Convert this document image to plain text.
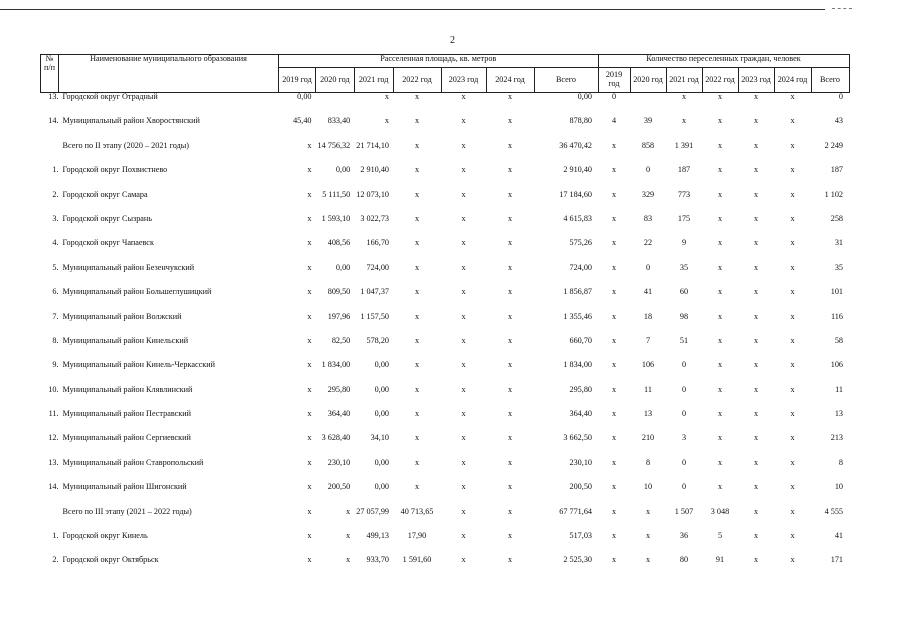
2
№ п/п	Наименование муниципального образования	Расселенная площадь, кв. метров							Количество переселенных граждан, человек						
		2019 год	2020 год	2021 год	2022 год	2023 год	2024 год	Всего	2019 год	2020 год	2021 год	2022 год	2023 год	2024 год	Всего
13.	Городской округ Отрадный	0,00		x	x	x	x	0,00	0		x	x	x	x	0
14.	Муниципальный район Хворостянский	45,40	833,40	x	x	x	x	878,80	4	39	x	x	x	x	43
	Всего по II этапу (2020 – 2021 годы)	x	14 756,32	21 714,10	x	x	x	36 470,42	x	858	1 391	x	x	x	2 249
1.	Городской округ Похвистнево	x	0,00	2 910,40	x	x	x	2 910,40	x	0	187	x	x	x	187
2.	Городской округ Самара	x	5 111,50	12 073,10	x	x	x	17 184,60	x	329	773	x	x	x	1 102
3.	Городской округ Сызрань	x	1 593,10	3 022,73	x	x	x	4 615,83	x	83	175	x	x	x	258
4.	Городской округ Чапаевск	x	408,56	166,70	x	x	x	575,26	x	22	9	x	x	x	31
5.	Муниципальный район Безенчукский	x	0,00	724,00	x	x	x	724,00	x	0	35	x	x	x	35
6.	Муниципальный район Большеглушицкий	x	809,50	1 047,37	x	x	x	1 856,87	x	41	60	x	x	x	101
7.	Муниципальный район Волжский	x	197,96	1 157,50	x	x	x	1 355,46	x	18	98	x	x	x	116
8.	Муниципальный район Кинельский	x	82,50	578,20	x	x	x	660,70	x	7	51	x	x	x	58
9.	Муниципальный район Кинель-Черкасский	x	1 834,00	0,00	x	x	x	1 834,00	x	106	0	x	x	x	106
10.	Муниципальный район Клявлинский	x	295,80	0,00	x	x	x	295,80	x	11	0	x	x	x	11
11.	Муниципальный район Пестравский	x	364,40	0,00	x	x	x	364,40	x	13	0	x	x	x	13
12.	Муниципальный район Сергиевский	x	3 628,40	34,10	x	x	x	3 662,50	x	210	3	x	x	x	213
13.	Муниципальный район Ставропольский	x	230,10	0,00	x	x	x	230,10	x	8	0	x	x	x	8
14.	Муниципальный район Шигонский	x	200,50	0,00	x	x	x	200,50	x	10	0	x	x	x	10
	Всего по III этапу (2021 – 2022 годы)	x	x	27 057,99	40 713,65	x	x	67 771,64	x	x	1 507	3 048	x	x	4 555
1.	Городской округ Кинель	x	x	499,13	17,90	x	x	517,03	x	x	36	5	x	x	41
2.	Городской округ Октябрьск	x	x	933,70	1 591,60	x	x	2 525,30	x	x	80	91	x	x	171
